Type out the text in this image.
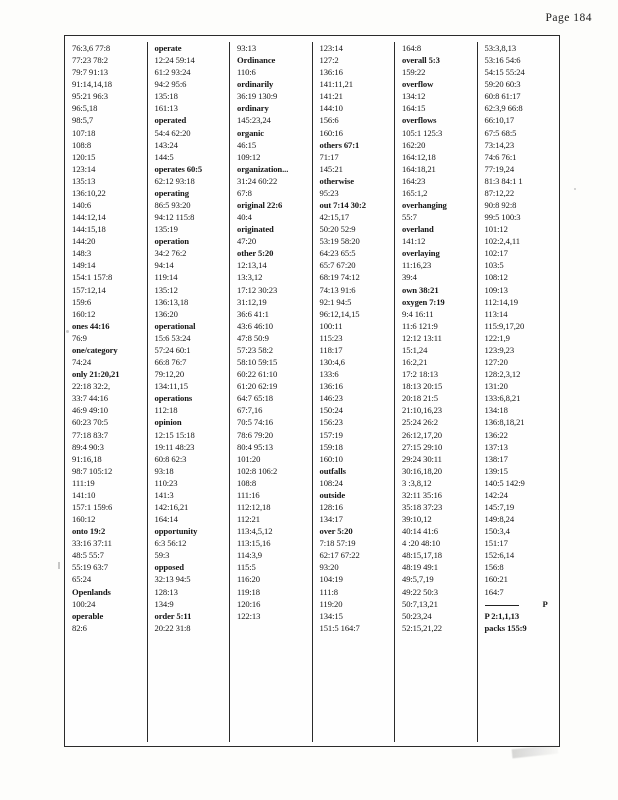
Page 184
76:3,6 77:8
77:23 78:2
79:7 91:13
91:14,14,18
95:21 96:3
96:5,18
98:5,7
107:18
108:8
120:15
123:14
135:13
136:10,22
140:6
144:12,14
144:15,18
144:20
148:3
149:14
154:1 157:8
157:12,14
159:6
160:12
ones 44:16
76:9
one/category
74:24
only 21:20,21
22:18 32:2,
33:7 44:16
46:9 49:10
60:23 70:5
77:18 83:7
89:4 90:3
91:16,18
98:7 105:12
111:19
141:10
157:1 159:6
160:12
onto 19:2
33:16 37:11
48:5 55:7
55:19 63:7
65:24
Openlands
100:24
operable
82:6
operate
12:24 59:14
61:2 93:24
94:2 95:6
135:18
161:13
operated
54:4 62:20
143:24
144:5
operates 60:5
62:12 93:18
operating
86:5 93:20
94:12 115:8
135:19
operation
34:2 76:2
94:14
119:14
135:12
136:13,18
136:20
operational
15:6 53:24
57:24 60:1
66:8 76:7
79:12,20
134:11,15
operations
112:18
opinion
12:15 15:18
19:11 48:23
60:8 62:3
93:18
110:23
141:3
142:16,21
164:14
opportunity
6:3 56:12
59:3
opposed
32:13 94:5
128:13
134:9
order 5:11
20:22 31:8
93:13
Ordinance
110:6
ordinarily
36:19 130:9
ordinary
145:23,24
organic
46:15
109:12
organization...
31:24 60:22
67:8
original 22:6
40:4
originated
47:20
other 5:20
12:13,14
13:3,12
17:12 30:23
31:12,19
36:6 41:1
43:6 46:10
47:8 50:9
57:23 58:2
58:10 59:15
60:22 61:10
61:20 62:19
64:7 65:18
67:7,16
70:5 74:16
78:6 79:20
80:4 95:13
101:20
102:8 106:2
108:8
111:16
112:12,18
112:21
113:4,5,12
113:15,16
114:3,9
115:5
116:20
119:18
120:16
122:13
123:14
127:2
136:16
141:11,21
141:21
144:10
156:6
160:16
others 67:1
71:17
145:21
otherwise
95:23
out 7:14 30:2
42:15,17
50:20 52:9
53:19 58:20
64:23 65:5
65:7 67:20
68:19 74:12
74:13 91:6
92:1 94:5
96:12,14,15
100:11
115:23
118:17
130:4,6
133:6
136:16
146:23
150:24
156:23
157:19
159:18
160:10
outfalls
108:24
outside
128:16
134:17
over 5:20
7:18 57:19
62:17 67:22
93:20
104:19
111:8
119:20
134:15
151:5 164:7
164:8
overall 5:3
159:22
overflow
134:12
164:15
overflows
105:1 125:3
162:20
164:12,18
164:18,21
164:23
165:1,2
overhanging
55:7
overland
141:12
overlaying
11:16,23
39:4
own 38:21
oxygen 7:19
9:4 16:11
11:6 121:9
12:12 13:11
15:1,24
16:2,21
17:2 18:13
18:13 20:15
20:18 21:5
21:10,16,23
25:24 26:2
26:12,17,20
27:15 29:10
29:24 30:11
30:16,18,20
3 :3,8,12
32:11 35:16
35:18 37:23
39:10,12
40:14 41:6
4 :20 48:10
48:15,17,18
48:19 49:1
49:5,7,19
49:22 50:3
50:7,13,21
50:23,24
52:15,21,22
53:3,8,13
53:16 54:6
54:15 55:24
59:20 60:3
60:8 61:17
62:3,9 66:8
66:10,17
67:5 68:5
73:14,23
74:6 76:1
77:19,24
81:3 84:1 1
87:12,22
90:8 92:8
99:5 100:3
101:12
102:2,4,11
102:17
103:5
108:12
109:13
112:14,19
113:14
115:9,17,20
122:1,9
123:9,23
127:20
128:2,3,12
131:20
133:6,8,21
134:18
136:8,18,21
136:22
137:13
138:17
139:15
140:5 142:9
142:24
145:7,19
149:8,24
150:3,4
151:17
152:6,14
156:8
160:21
164:7
P
P 2:1,1,13
packs 155:9
